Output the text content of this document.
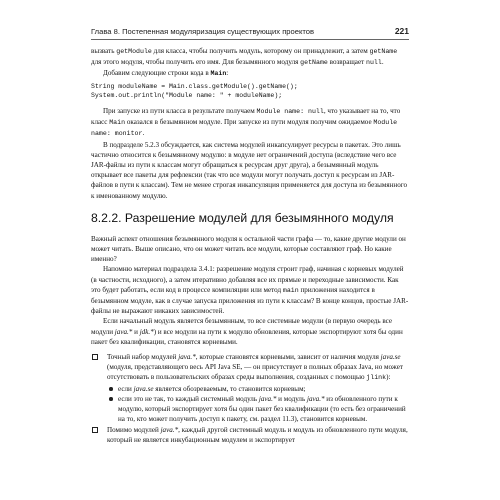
Глава 8. Постепенная модуляризация существующих проектов	221

вызвать getModule для класса, чтобы получить модуль, которому он принадлежит, а затем getName для этого модуля, чтобы получить его имя. Для безымянного модуля getName возвращает null.

Добавим следующие строки кода в Main:

String moduleName = Main.class.getModule().getName();
System.out.println("Module name: " + moduleName);

При запуске из пути класса в результате получаем Module name: null, что указывает на то, что класс Main оказался в безымянном модуле. При запуске из пути модуля получим ожидаемое Module name: monitor.

В подразделе 5.2.3 обсуждается, как система модулей инкапсулирует ресурсы в пакетах. Это лишь частично относится к безымянному модулю: в модуле нет ограничений доступа (вследствие чего все JAR-файлы из пути к классам могут обращаться к ресурсам друг друга), а безымянный модуль открывает все пакеты для рефлексии (так что все модули могут получать доступ к ресурсам из JAR-файлов в пути к классам). Тем не менее строгая инкапсуляция применяется для доступа из безымянного к именованному модулю.

8.2.2. Разрешение модулей для безымянного модуля

Важный аспект отношения безымянного модуля к остальной части графа — то, какие другие модули он может читать. Выше описано, что он может читать все модули, которые составляют граф. Но какие именно?

Напомню материал подраздела 3.4.1: разрешение модуля строит граф, начиная с корневых модулей (в частности, исходного), а затем итеративно добавляя все их прямые и переходные зависимости. Как это будет работать, если код в процессе компиляции или метод main приложения находится в безымянном модуле, как в случае запуска приложения из пути к классам? В конце концов, простые JAR-файлы не выражают никаких зависимостей.

Если начальный модуль является безымянным, то все системные модули (в первую очередь все модули java.* и jdk.*) и все модули на пути к модулю обновления, которые экспортируют хотя бы один пакет без квалификации, становятся корневыми.

Точный набор модулей java.*, которые становятся корневыми, зависит от наличия модуля java.se (модуля, представляющего весь API Java SE, — он присутствует в полных образах Java, но может отсутствовать в пользовательских образах среды выполнения, созданных с помощью jlink):
если java.se является обозреваемым, то становится корневым;
если это не так, то каждый системный модуль java.* и модуль java.* из обновленного пути к модулю, который экспортирует хотя бы один пакет без квалификации (то есть без ограничений на то, кто может получить доступ к пакету, см. раздел 11.3), становится корневым.
Помимо модулей java.*, каждый другой системный модуль и модуль из обновленного пути модуля, который не является инкубационным модулем и экспортирует
